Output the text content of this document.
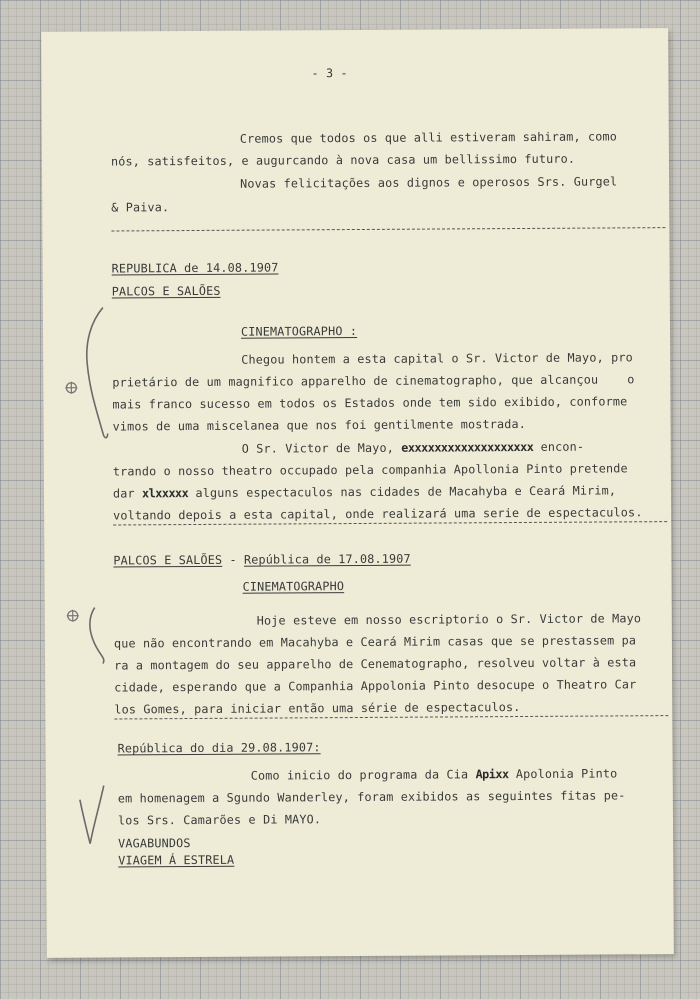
- 3 -
Cremos que todos os que alli estiveram sahiram, como
nós, satisfeitos, e augurcando à nova casa um bellissimo futuro.
Novas felicitações aos dignos e operosos Srs. Gurgel
& Paiva.
REPUBLICA de 14.08.1907
PALCOS E SALÕES
CINEMATOGRAPHO :
Chegou hontem a esta capital o Sr. Victor de Mayo, pro
prietário de um magnifico apparelho de cinematographo, que alcançou    o
mais franco sucesso em todos os Estados onde tem sido exibido, conforme
vimos de uma miscelanea que nos foi gentilmente mostrada.
O Sr. Victor de Mayo, exxxxxxxxxxxxxxxxxxx encon-
trando o nosso theatro occupado pela companhia Apollonia Pinto pretende
dar xlxxxxx alguns espectaculos nas cidades de Macahyba e Ceará Mirim,
voltando depois a esta capital, onde realizará uma serie de espectaculos.
PALCOS E SALÕES - República de 17.08.1907
CINEMATOGRAPHO
Hoje esteve em nosso escriptorio o Sr. Victor de Mayo
que não encontrando em Macahyba e Ceará Mirim casas que se prestassem pa
ra a montagem do seu apparelho de Cenematographo, resolveu voltar à esta
cidade, esperando que a Companhia Appolonia Pinto desocupe o Theatro Car
los Gomes, para iniciar então uma série de espectaculos.
República do dia 29.08.1907:
Como inicio do programa da Cia Apixx Apolonia Pinto
em homenagem a Sgundo Wanderley, foram exibidos as seguintes fitas pe-
los Srs. Camarões e Di MAYO.
VAGABUNDOS
VIAGEM Á ESTRELA
